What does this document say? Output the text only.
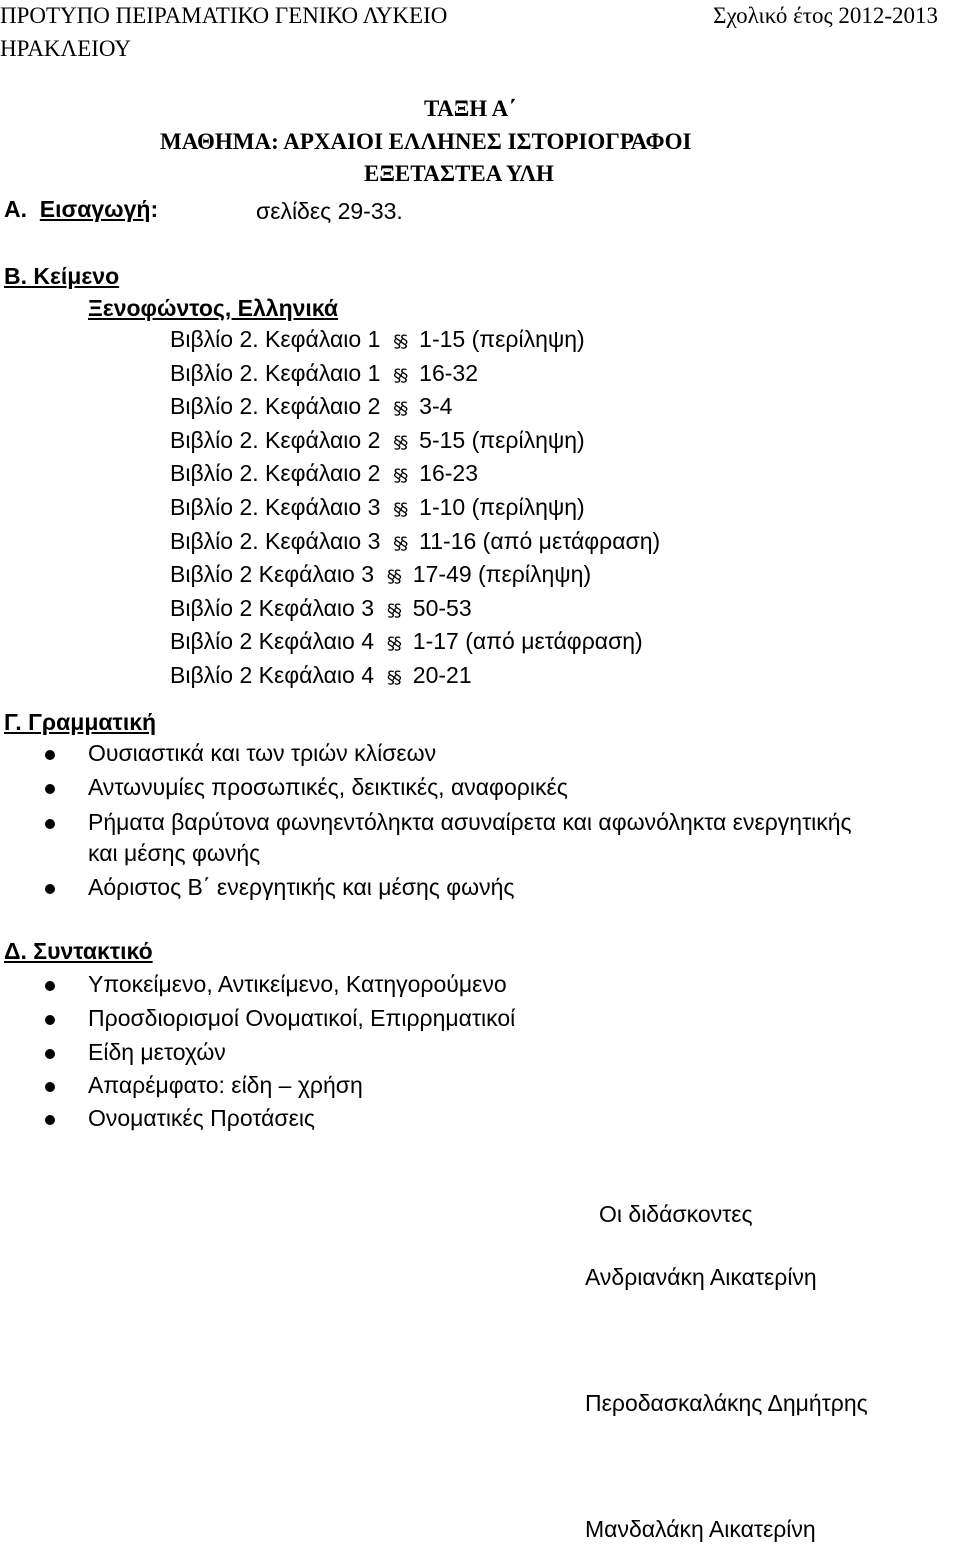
ΠΡΟΤΥΠΟ ΠΕΙΡΑΜΑΤΙΚΟ ΓΕΝΙΚΟ ΛΥΚΕΙΟ
ΗΡΑΚΛΕΙΟΥ
Σχολικό έτος 2012-2013
ΤΑΞΗ Α΄
ΜΑΘΗΜΑ: ΑΡΧΑΙΟΙ ΕΛΛΗΝΕΣ ΙΣΤΟΡΙΟΓΡΑΦΟΙ
ΕΞΕΤΑΣΤΕΑ ΥΛΗ
Α. Εισαγωγή:	σελίδες 29-33.
Β. Κείμενο
Ξενοφώντος, Ελληνικά
Βιβλίο 2. Κεφάλαιο 1 §§ 1-15 (περίληψη)
Βιβλίο 2. Κεφάλαιο 1 §§ 16-32
Βιβλίο 2. Κεφάλαιο 2 §§ 3-4
Βιβλίο 2. Κεφάλαιο 2 §§ 5-15 (περίληψη)
Βιβλίο 2. Κεφάλαιο 2 §§ 16-23
Βιβλίο 2. Κεφάλαιο 3 §§ 1-10 (περίληψη)
Βιβλίο 2. Κεφάλαιο 3 §§ 11-16 (από μετάφραση)
Βιβλίο 2 Κεφάλαιο 3 §§ 17-49 (περίληψη)
Βιβλίο 2 Κεφάλαιο 3 §§ 50-53
Βιβλίο 2 Κεφάλαιο 4 §§ 1-17 (από μετάφραση)
Βιβλίο 2 Κεφάλαιο 4 §§ 20-21
Γ. Γραμματική
Ουσιαστικά και των τριών κλίσεων
Αντωνυμίες προσωπικές, δεικτικές, αναφορικές
Ρήματα βαρύτονα φωνηεντόληκτα ασυναίρετα και αφωνόληκτα ενεργητικής
και μέσης φωνής
Αόριστος Β΄ ενεργητικής και μέσης φωνής
Δ. Συντακτικό
Υποκείμενο, Αντικείμενο, Κατηγορούμενο
Προσδιορισμοί Ονοματικοί, Επιρρηματικοί
Είδη μετοχών
Απαρέμφατο: είδη – χρήση
Ονοματικές Προτάσεις
Οι διδάσκοντες
Ανδριανάκη Αικατερίνη
Περοδασκαλάκης Δημήτρης
Μανδαλάκη Αικατερίνη
